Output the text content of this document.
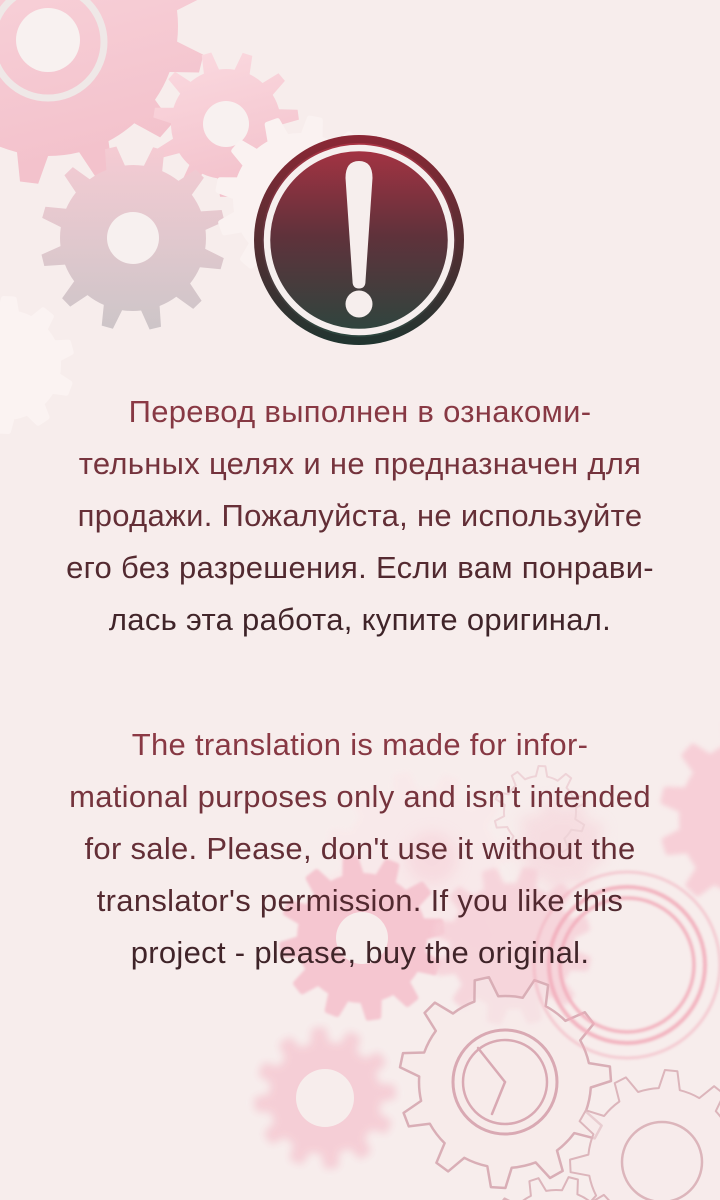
Перевод выполнен в ознакоми-
тельных целях и не предназначен для
продажи. Пожалуйста, не используйте
его без разрешения. Если вам понрави-
лась эта работа, купите оригинал.
The translation is made for infor-
mational purposes only and isn't intended
for sale. Please, don't use it without the
translator's permission. If you like this
project - please, buy the original.
